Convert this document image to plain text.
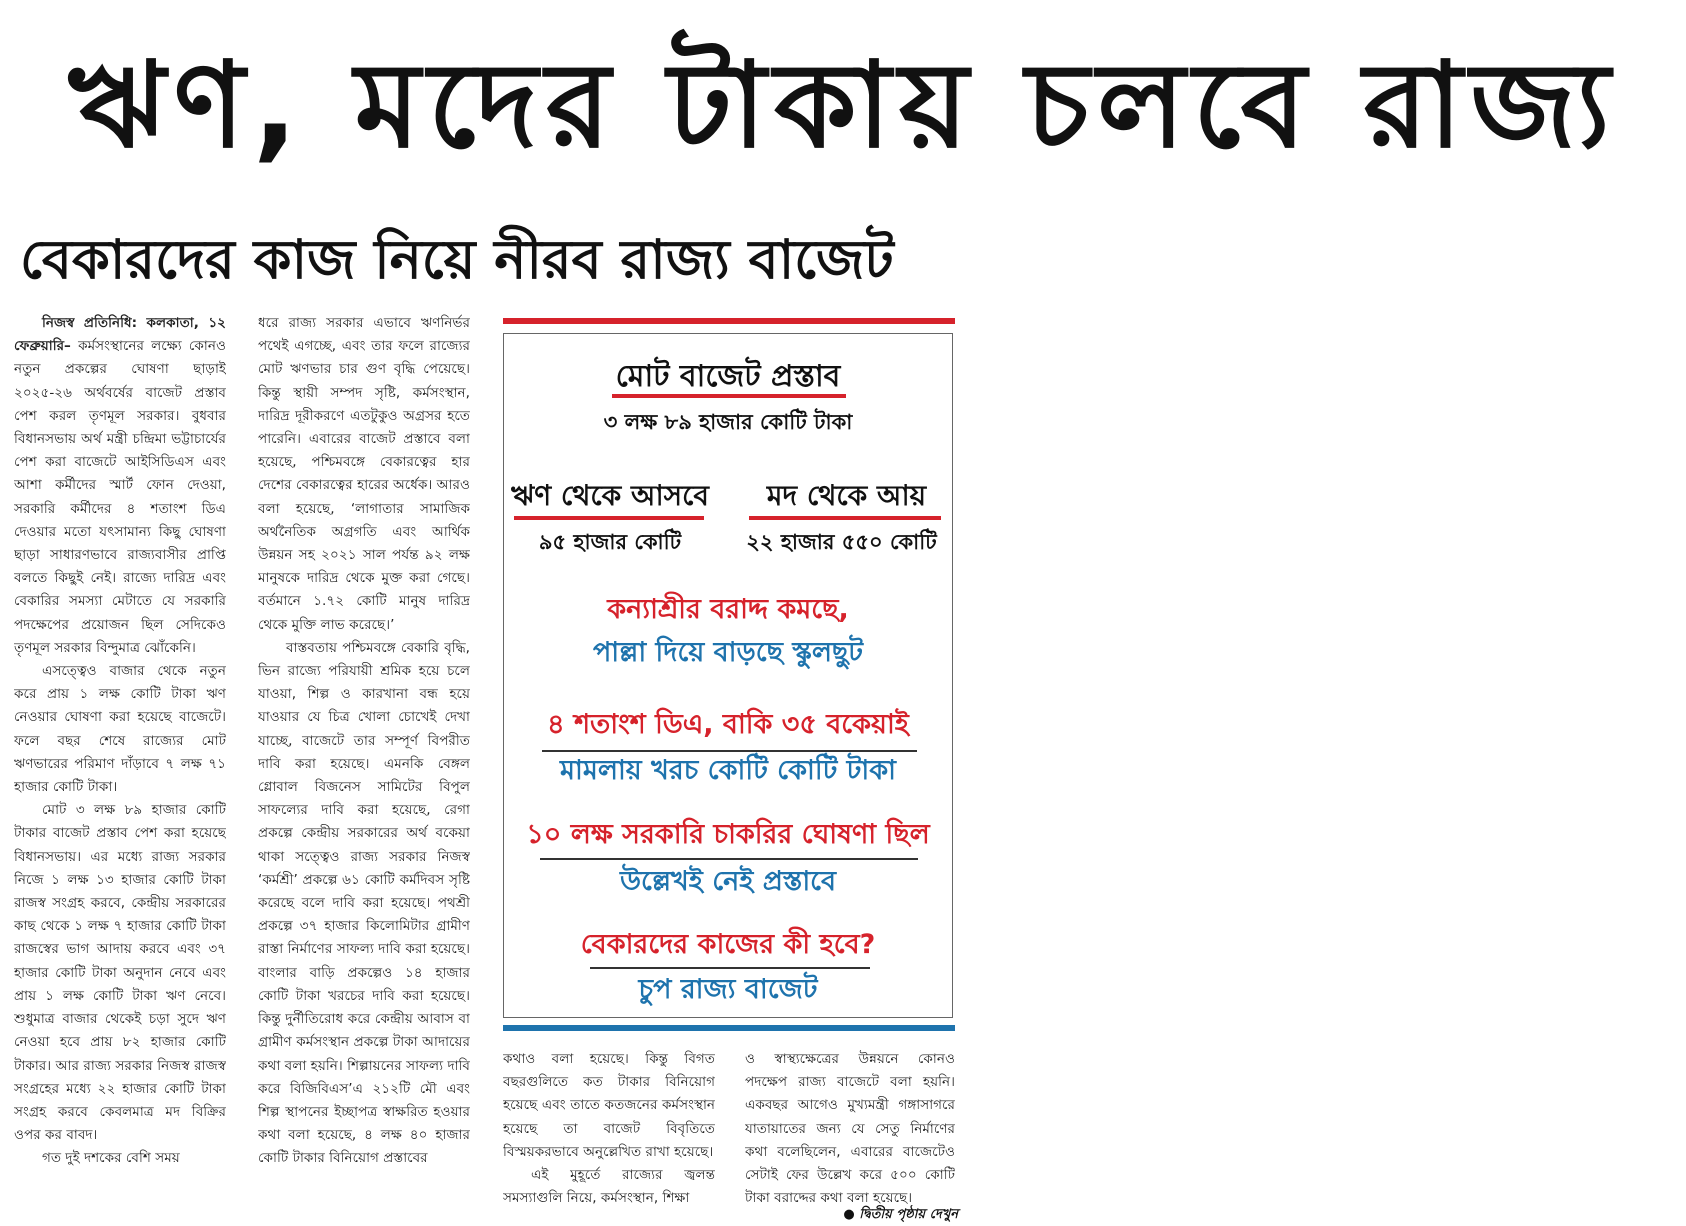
ঋণ, মদের টাকায় চলবে রাজ্য
বেকারদের কাজ নিয়ে নীরব রাজ্য বাজেট

নিজস্ব প্রতিনিধি: কলকাতা, ১২ ফেব্রুয়ারি– কর্মসংস্থানের লক্ষ্যে কোনও নতুন প্রকল্পের ঘোষণা ছাড়াই ২০২৫-২৬ অর্থবর্ষের বাজেট প্রস্তাব পেশ করল তৃণমূল সরকার। বুধবার বিধানসভায় অর্থ মন্ত্রী চন্দ্রিমা ভট্টাচার্যের পেশ করা বাজেটে আইসিডিএস এবং আশা কর্মীদের স্মার্ট ফোন দেওয়া, সরকারি কর্মীদের ৪ শতাংশ ডিএ দেওয়ার মতো যৎসামান্য কিছু ঘোষণা ছাড়া সাধারণভাবে রাজ্যবাসীর প্রাপ্তি বলতে কিছুই নেই। রাজ্যে দারিদ্র এবং বেকারির সমস্যা মেটাতে যে সরকারি পদক্ষেপের প্রয়োজন ছিল সেদিকেও তৃণমূল সরকার বিন্দুমাত্র ঝোঁকেনি।

এসত্ত্বেও বাজার থেকে নতুন করে প্রায় ১ লক্ষ কোটি টাকা ঋণ নেওয়ার ঘোষণা করা হয়েছে বাজেটে। ফলে বছর শেষে রাজ্যের মোট ঋণভারের পরিমাণ দাঁড়াবে ৭ লক্ষ ৭১ হাজার কোটি টাকা।

মোট ৩ লক্ষ ৮৯ হাজার কোটি টাকার বাজেট প্রস্তাব পেশ করা হয়েছে বিধানসভায়। এর মধ্যে রাজ্য সরকার নিজে ১ লক্ষ ১৩ হাজার কোটি টাকা রাজস্ব সংগ্রহ করবে, কেন্দ্রীয় সরকারের কাছ থেকে ১ লক্ষ ৭ হাজার কোটি টাকা রাজস্বের ভাগ আদায় করবে এবং ৩৭ হাজার কোটি টাকা অনুদান নেবে এবং প্রায় ১ লক্ষ কোটি টাকা ঋণ নেবে। শুধুমাত্র বাজার থেকেই চড়া সুদে ঋণ নেওয়া হবে প্রায় ৮২ হাজার কোটি টাকার। আর রাজ্য সরকার নিজস্ব রাজস্ব সংগ্রহের মধ্যে ২২ হাজার কোটি টাকা সংগ্রহ করবে কেবলমাত্র মদ বিক্রির ওপর কর বাবদ।

গত দুই দশকের বেশি সময়

ধরে রাজ্য সরকার এভাবে ঋণনির্ভর পথেই এগচ্ছে, এবং তার ফলে রাজ্যের মোট ঋণভার চার গুণ বৃদ্ধি পেয়েছে। কিন্তু স্থায়ী সম্পদ সৃষ্টি, কর্মসংস্থান, দারিদ্র দূরীকরণে এতটুকুও অগ্রসর হতে পারেনি। এবারের বাজেট প্রস্তাবে বলা হয়েছে, পশ্চিমবঙ্গে বেকারত্বের হার দেশের বেকারত্বের হারের অর্ধেক। আরও বলা হয়েছে, ‘লাগাতার সামাজিক অর্থনৈতিক অগ্রগতি এবং আর্থিক উন্নয়ন সহ ২০২১ সাল পর্যন্ত ৯২ লক্ষ মানুষকে দারিদ্র থেকে মুক্ত করা গেছে। বর্তমানে ১.৭২ কোটি মানুষ দারিদ্র থেকে মুক্তি লাভ করেছে।’

বাস্তবতায় পশ্চিমবঙ্গে বেকারি বৃদ্ধি, ভিন রাজ্যে পরিযায়ী শ্রমিক হয়ে চলে যাওয়া, শিল্প ও কারখানা বন্ধ হয়ে যাওয়ার যে চিত্র খোলা চোখেই দেখা যাচ্ছে, বাজেটে তার সম্পূর্ণ বিপরীত দাবি করা হয়েছে। এমনকি বেঙ্গল গ্লোবাল বিজনেস সামিটের বিপুল সাফল্যের দাবি করা হয়েছে, রেগা প্রকল্পে কেন্দ্রীয় সরকারের অর্থ বকেয়া থাকা সত্ত্বেও রাজ্য সরকার নিজস্ব ‘কর্মশ্রী’ প্রকল্পে ৬১ কোটি কর্মদিবস সৃষ্টি করেছে বলে দাবি করা হয়েছে। পথশ্রী প্রকল্পে ৩৭ হাজার কিলোমিটার গ্রামীণ রাস্তা নির্মাণের সাফল্য দাবি করা হয়েছে। বাংলার বাড়ি প্রকল্পেও ১৪ হাজার কোটি টাকা খরচের দাবি করা হয়েছে। কিন্তু দুর্নীতিরোধ করে কেন্দ্রীয় আবাস বা গ্রামীণ কর্মসংস্থান প্রকল্পে টাকা আদায়ের কথা বলা হয়নি। শিল্পায়নের সাফল্য দাবি করে বিজিবিএস’এ ২১২টি মৌ এবং শিল্প স্থাপনের ইচ্ছাপত্র স্বাক্ষরিত হওয়ার কথা বলা হয়েছে, ৪ লক্ষ ৪০ হাজার কোটি টাকার বিনিয়োগ প্রস্তাবের

মোট বাজেট প্রস্তাব
৩ লক্ষ ৮৯ হাজার কোটি টাকা
ঋণ থেকে আসবে
৯৫ হাজার কোটি
মদ থেকে আয়
২২ হাজার ৫৫০ কোটি
কন্যাশ্রীর বরাদ্দ কমছে,
পাল্লা দিয়ে বাড়ছে স্কুলছুট
৪ শতাংশ ডিএ, বাকি ৩৫ বকেয়াই
মামলায় খরচ কোটি কোটি টাকা
১০ লক্ষ সরকারি চাকরির ঘোষণা ছিল
উল্লেখই নেই প্রস্তাবে
বেকারদের কাজের কী হবে?
চুপ রাজ্য বাজেট

কথাও বলা হয়েছে। কিন্তু বিগত বছরগুলিতে কত টাকার বিনিয়োগ হয়েছে এবং তাতে কতজনের কর্মসংস্থান হয়েছে তা বাজেট বিবৃতিতে বিস্ময়করভাবে অনুল্লেখিত রাখা হয়েছে।

এই মুহূর্তে রাজ্যের জ্বলন্ত সমস্যাগুলি নিয়ে, কর্মসংস্থান, শিক্ষা

ও স্বাস্থ্যক্ষেত্রের উন্নয়নে কোনও পদক্ষেপ রাজ্য বাজেটে বলা হয়নি। একবছর আগেও মুখ্যমন্ত্রী গঙ্গাসাগরে যাতায়াতের জন্য যে সেতু নির্মাণের কথা বলেছিলেন, এবারের বাজেটেও সেটাই ফের উল্লেখ করে ৫০০ কোটি টাকা বরাদ্দের কথা বলা হয়েছে।

● দ্বিতীয় পৃষ্ঠায় দেখুন
